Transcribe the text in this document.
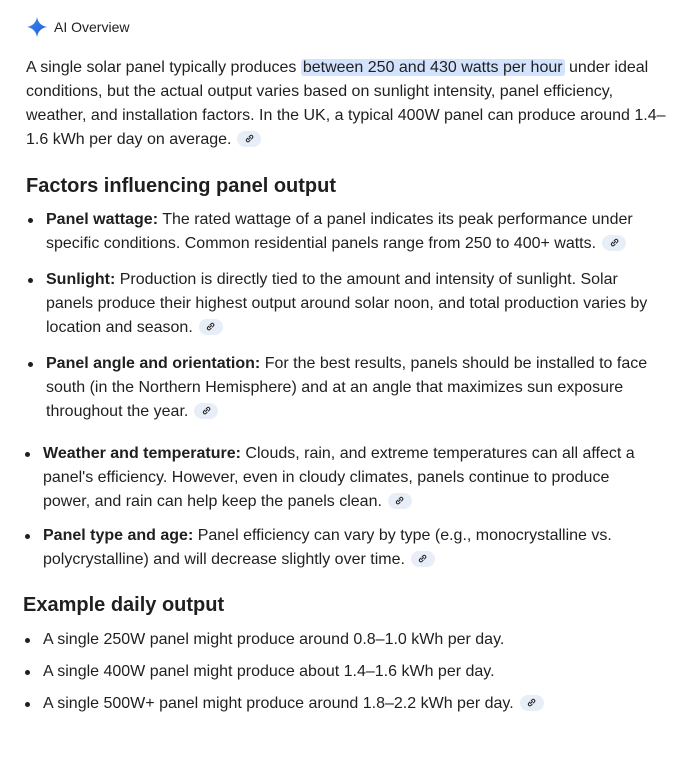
AI Overview

A single solar panel typically produces between 250 and 430 watts per hour under ideal conditions, but the actual output varies based on sunlight intensity, panel efficiency, weather, and installation factors. In the UK, a typical 400W panel can produce around 1.4–1.6 kWh per day on average.

Factors influencing panel output
Panel wattage: The rated wattage of a panel indicates its peak performance under specific conditions. Common residential panels range from 250 to 400+ watts.
Sunlight: Production is directly tied to the amount and intensity of sunlight. Solar panels produce their highest output around solar noon, and total production varies by location and season.
Panel angle and orientation: For the best results, panels should be installed to face south (in the Northern Hemisphere) and at an angle that maximizes sun exposure throughout the year.
Weather and temperature: Clouds, rain, and extreme temperatures can all affect a panel's efficiency. However, even in cloudy climates, panels continue to produce power, and rain can help keep the panels clean.
Panel type and age: Panel efficiency can vary by type (e.g., monocrystalline vs. polycrystalline) and will decrease slightly over time.
Example daily output
A single 250W panel might produce around 0.8–1.0 kWh per day.
A single 400W panel might produce about 1.4–1.6 kWh per day.
A single 500W+ panel might produce around 1.8–2.2 kWh per day.
